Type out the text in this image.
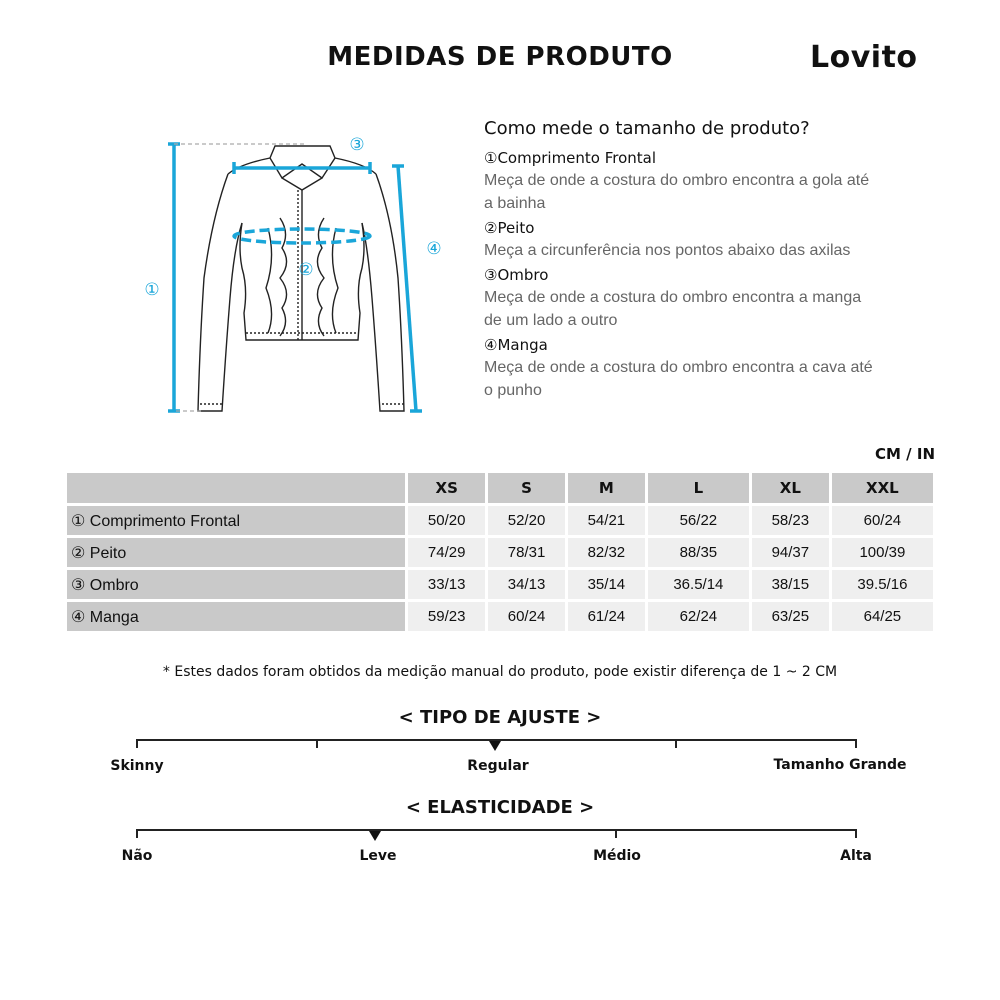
MEDIDAS DE PRODUTO	Lovito
①
②
③
④
Como mede o tamanho de produto?

①Comprimento Frontal

Meça de onde a costura do ombro encontra a gola até
a bainha

②Peito

Meça a circunferência nos pontos abaixo das axilas

③Ombro

Meça de onde a costura do ombro encontra a manga
de um lado a outro

④Manga

Meça de onde a costura do ombro encontra a cava até
o punho

CM / IN
	XS	S	M	L	XL	XXL
① Comprimento Frontal	50/20	52/20	54/21	56/22	58/23	60/24
② Peito	74/29	78/31	82/32	88/35	94/37	100/39
③ Ombro	33/13	34/13	35/14	36.5/14	38/15	39.5/16
④ Manga	59/23	60/24	61/24	62/24	63/25	64/25
* Estes dados foram obtidos da medição manual do produto, pode existir diferença de 1 ~ 2 CM
< TIPO DE AJUSTE >
Skinny	Regular	Tamanho Grande
< ELASTICIDADE >
Não	Leve	Médio	Alta
